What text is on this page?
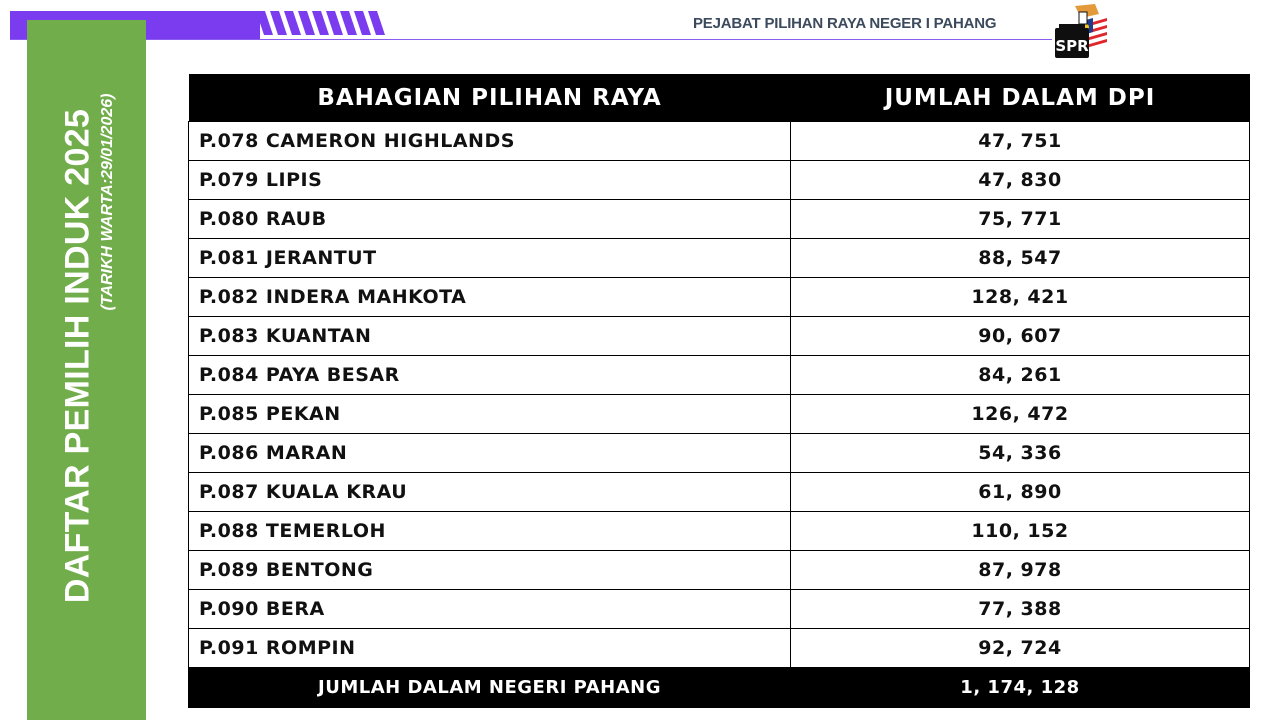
PEJABAT PILIHAN RAYA NEGER I PAHANG
SPR
DAFTAR PEMILIH INDUK 2025 (TARIKH WARTA:29/01/2026)	BAHAGIAN PILIHAN RAYA	JUMLAH DALAM DPI
P.078 CAMERON HIGHLANDS	47, 751
P.079 LIPIS	47, 830
P.080 RAUB	75, 771
P.081 JERANTUT	88, 547
P.082 INDERA MAHKOTA	128, 421
P.083 KUANTAN	90, 607
P.084 PAYA BESAR	84, 261
P.085 PEKAN	126, 472
P.086 MARAN	54, 336
P.087 KUALA KRAU	61, 890
P.088 TEMERLOH	110, 152
P.089 BENTONG	87, 978
P.090 BERA	77, 388
P.091 ROMPIN	92, 724
JUMLAH DALAM NEGERI PAHANG	1, 174, 128
